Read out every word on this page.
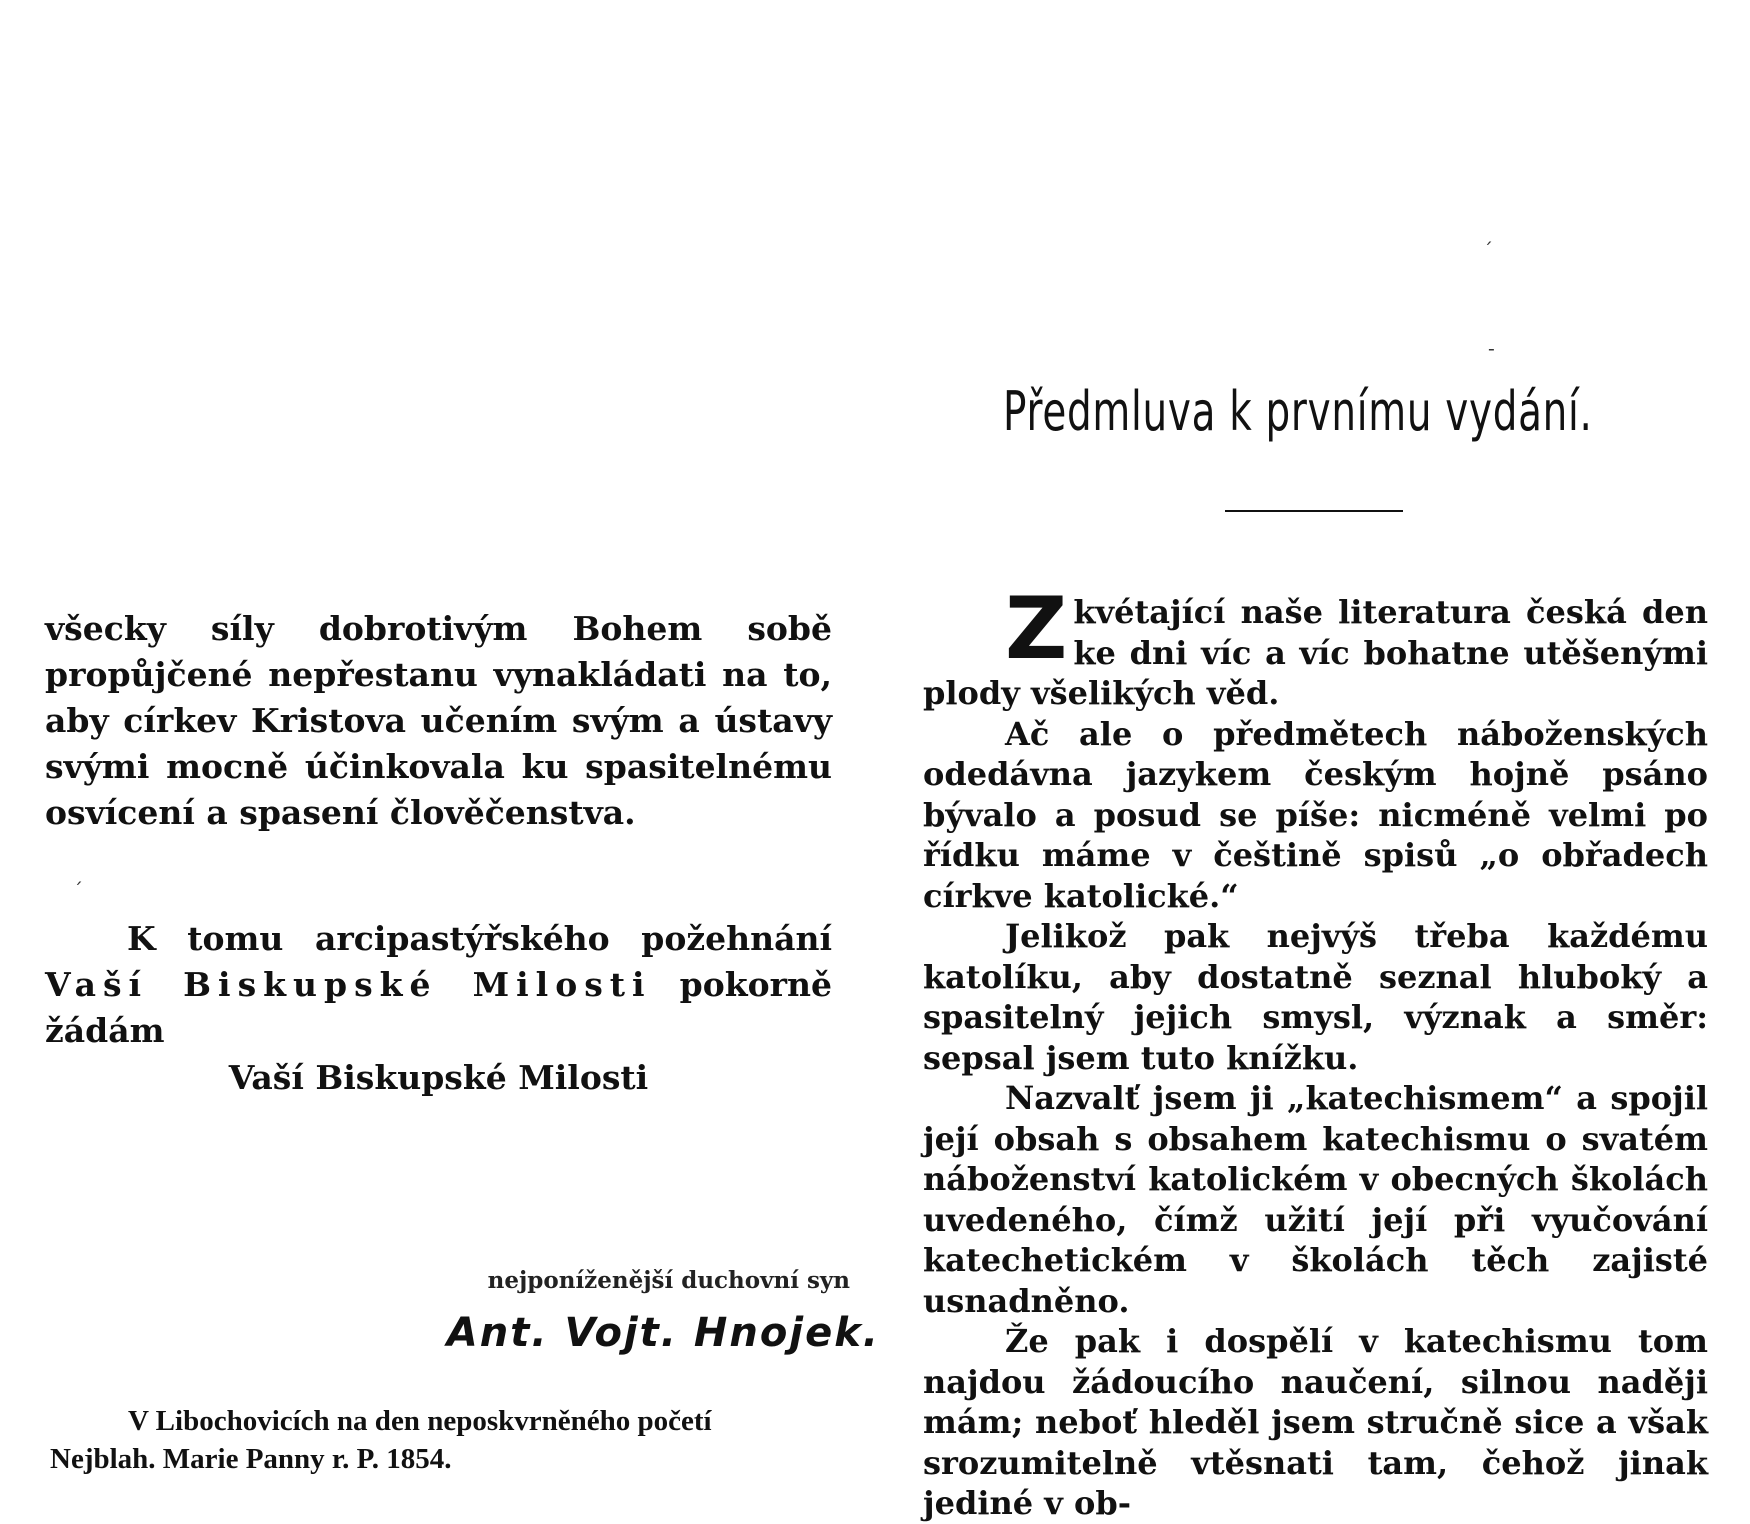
všecky síly dobrotivým Bohem sobě propůjčené nepřestanu vynakládati na to, aby církev Kristova učením svým a ústavy svými mocně účinkovala ku spasitelnému osvícení a spasení člověčenstva.

ˊ

K tomu arcipastýřského požehnání Vaší Biskupské Milosti pokorně žádám

Vaší Biskupské Milosti
nejponíženější duchovní syn
Ant. Vojt. Hnojek.
V Libochovicích na den neposkvrněného početí
Nejblah. Marie Panny r. P. 1854.
ˊ
-
Předmluva k prvnímu vydání.

Zkvétající naše literatura česká den ke dni víc a víc bohatne utěšenými plody všelikých věd.

Ač ale o předmětech náboženských odedávna jazykem českým hojně psáno bývalo a posud se píše: nicméně velmi po řídku máme v češtině spisů „o obřadech církve katolické.“

Jelikož pak nejvýš třeba každému katolíku, aby dostatně seznal hluboký a spasitelný jejich smysl, význak a směr: sepsal jsem tuto knížku.

Nazvalť jsem ji „katechismem“ a spojil její obsah s obsahem katechismu o svatém náboženství katolickém v obecných školách uvedeného, čímž užití její při vyučování katechetickém v školách těch zajisté usnadněno.

Že pak i dospělí v katechismu tom najdou žádoucího naučení, silnou naději mám; neboť hleděl jsem stručně sice a však srozumitelně vtěsnati tam, čehož jinak jediné v ob-
